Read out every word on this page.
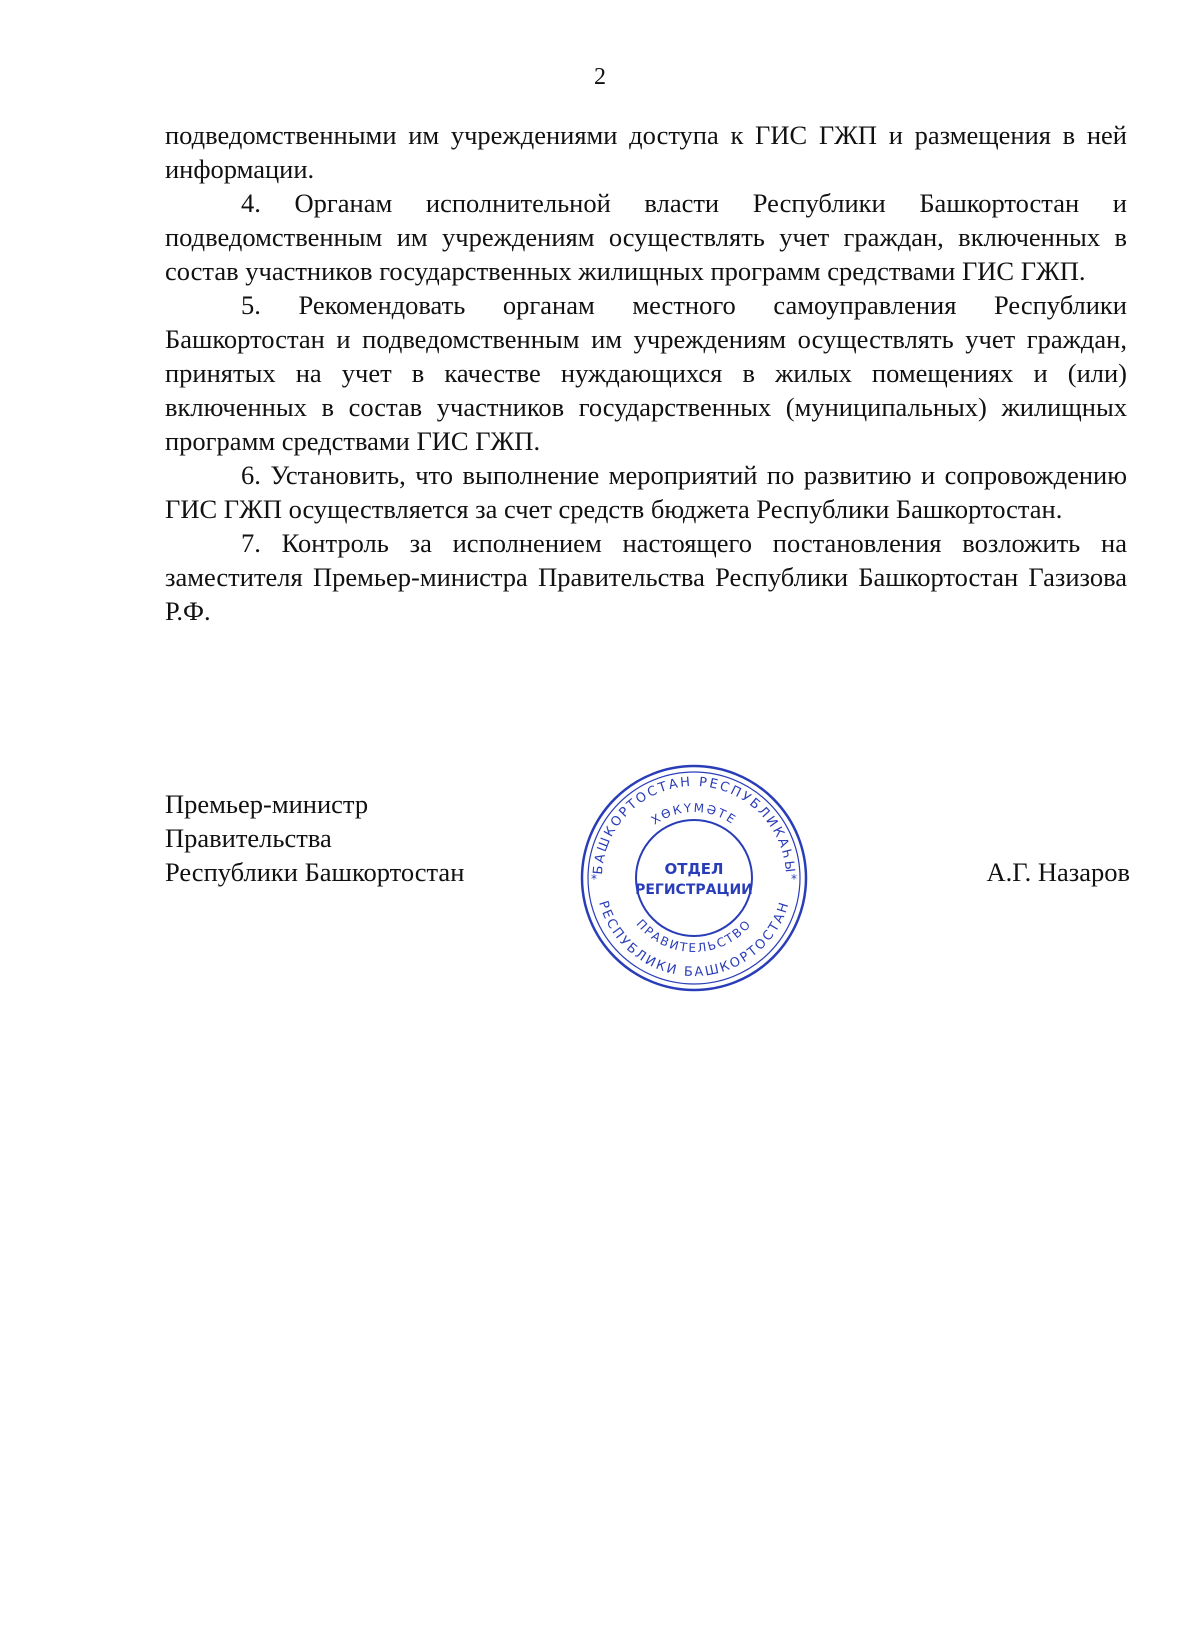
2

подведомственными им учреждениями доступа к ГИС ГЖП и размещения в ней информации.

4. Органам исполнительной власти Республики Башкортостан и подведомственным им учреждениям осуществлять учет граждан, включенных в состав участников государственных жилищных программ средствами ГИС ГЖП.

5. Рекомендовать органам местного самоуправления Республики Башкортостан и подведомственным им учреждениям осуществлять учет граждан, принятых на учет в качестве нуждающихся в жилых помещениях и (или) включенных в состав участников государственных (муниципальных) жилищных программ средствами ГИС ГЖП.

6. Установить, что выполнение мероприятий по развитию и сопровождению ГИС ГЖП осуществляется за счет средств бюджета Республики Башкортостан.

7. Контроль за исполнением настоящего постановления возложить на заместителя Премьер-министра Правительства Республики Башкортостан Газизова Р.Ф.

Премьер-министр
Правительства
Республики Башкортостан	БАШКОРТОСТАН РЕСПУБЛИКАҺЫ
ХӨКҮМӘТЕ
РЕСПУБЛИКИ БАШКОРТОСТАН
ПРАВИТЕЛЬСТВО
*	*
ОТДЕЛ
РЕГИСТРАЦИИ
А.Г. Назаров
